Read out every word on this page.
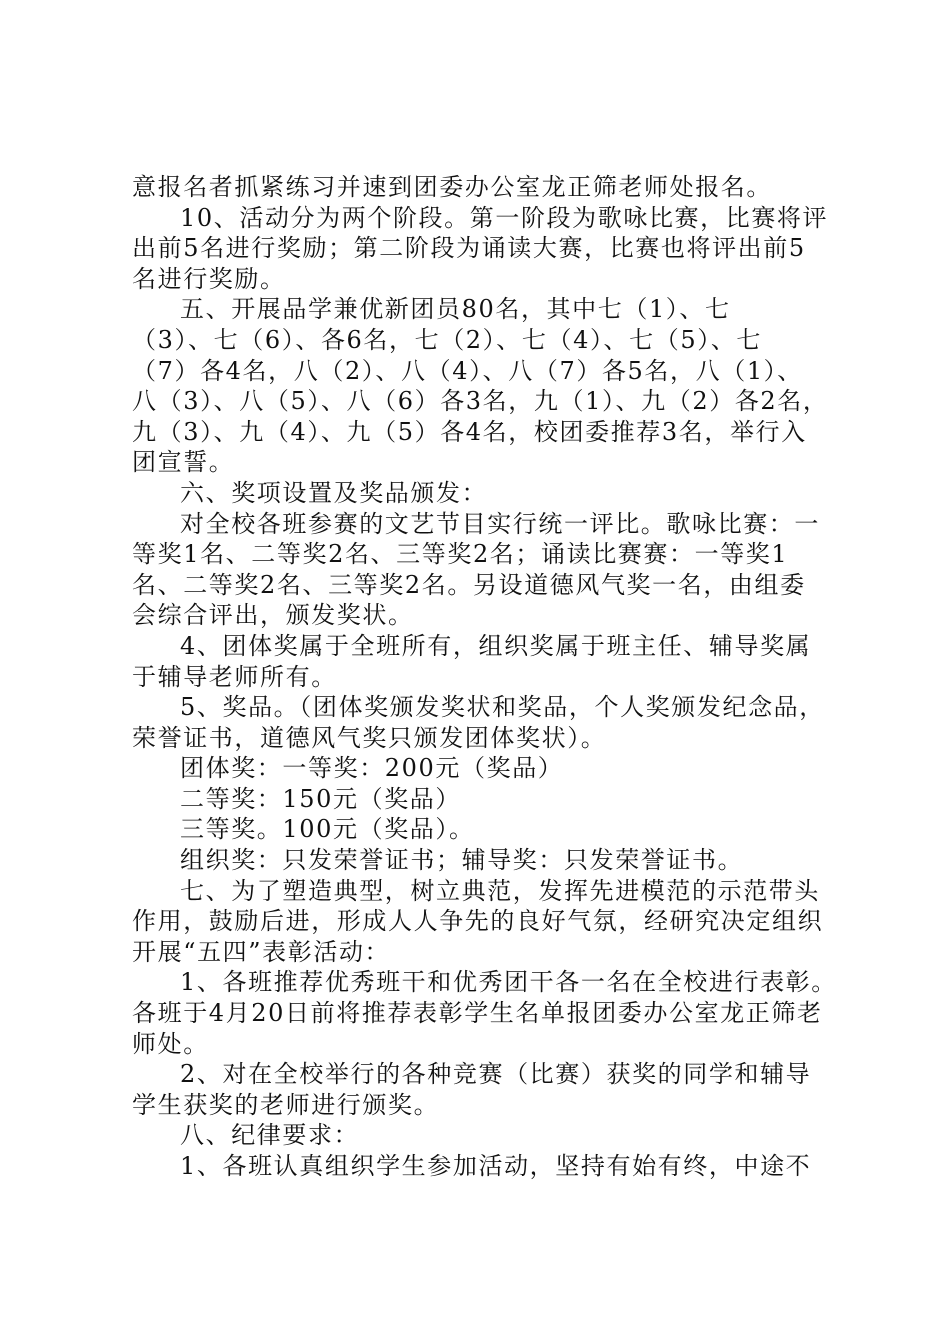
意报名者抓紧练习并速到团委办公室龙正筛老师处报名。
10、活动分为两个阶段。第一阶段为歌咏比赛，比赛将评
出前5名进行奖励；第二阶段为诵读大赛，比赛也将评出前5
名进行奖励。
五、开展品学兼优新团员80名，其中七（1）、七
（3）、七（6）、各6名，七（2）、七（4）、七（5）、七
（7）各4名，八（2）、八（4）、八（7）各5名，八（1）、
八（3）、八（5）、八（6）各3名，九（1）、九（2）各2名，
九（3）、九（4）、九（5）各4名，校团委推荐3名，举行入
团宣誓。
六、奖项设置及奖品颁发：
对全校各班参赛的文艺节目实行统一评比。歌咏比赛：一
等奖1名、二等奖2名、三等奖2名；诵读比赛赛：一等奖1
名、二等奖2名、三等奖2名。另设道德风气奖一名，由组委
会综合评出，颁发奖状。
4、团体奖属于全班所有，组织奖属于班主任、辅导奖属
于辅导老师所有。
5、奖品。（团体奖颁发奖状和奖品，个人奖颁发纪念品，
荣誉证书，道德风气奖只颁发团体奖状）。
团体奖：一等奖：200元（奖品）
二等奖：150元（奖品）
三等奖。100元（奖品）。
组织奖：只发荣誉证书；辅导奖：只发荣誉证书。
七、为了塑造典型，树立典范，发挥先进模范的示范带头
作用，鼓励后进，形成人人争先的良好气氛，经研究决定组织
开展“五四”表彰活动：
1、各班推荐优秀班干和优秀团干各一名在全校进行表彰。
各班于4月20日前将推荐表彰学生名单报团委办公室龙正筛老
师处。
2、对在全校举行的各种竞赛（比赛）获奖的同学和辅导
学生获奖的老师进行颁奖。
八、纪律要求：
1、各班认真组织学生参加活动，坚持有始有终，中途不
